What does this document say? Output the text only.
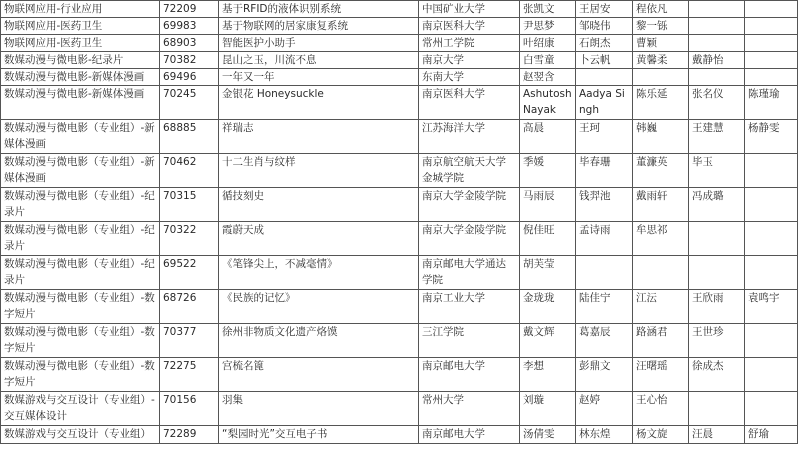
物联网应用-行业应用	72209	基于RFID的液体识别系统	中国矿业大学	张凯文	王居安	程依凡		
物联网应用-医药卫生	69983	基于物联网的居家康复系统	南京医科大学	尹思梦	邹晓伟	黎一铄		
物联网应用-医药卫生	68903	智能医护小助手	常州工学院	叶绍康	石朗杰	曹颖		
数媒动漫与微电影-纪录片	70382	昆山之玉，川流不息	南京大学	白雪童	卜云帆	黄馨柔	戴静怡	
数媒动漫与微电影-新媒体漫画	69496	一年又一年	东南大学	赵翌含				
数媒动漫与微电影-新媒体漫画	70245	金银花 Honeysuckle	南京医科大学	Ashutosh Nayak	Aadya Singh	陈乐延	张名仪	陈瑾瑜
数媒动漫与微电影（专业组）-新媒体漫画	68885	祥瑞志	江苏海洋大学	高晨	王珂	韩巍	王建慧	杨静雯
数媒动漫与微电影（专业组）-新媒体漫画	70462	十二生肖与纹样	南京航空航天大学金城学院	季媛	毕春珊	董濂英	毕玉	
数媒动漫与微电影（专业组）-纪录片	70315	循技刻史	南京大学金陵学院	马雨辰	钱羿池	戴雨轩	冯成璐	
数媒动漫与微电影（专业组）-纪录片	70322	霞蔚天成	南京大学金陵学院	倪佳旺	孟诗雨	牟思祁		
数媒动漫与微电影（专业组）-纪录片	69522	《笔锋尖上，不减毫情》	南京邮电大学通达学院	胡芙莹				
数媒动漫与微电影（专业组）-数字短片	68726	《民族的记忆》	南京工业大学	金珑珑	陆佳宁	江沄	王欣雨	袁鸣宇
数媒动漫与微电影（专业组）-数字短片	70377	徐州非物质文化遗产烙馍	三江学院	戴文辉	葛嘉辰	路涵君	王世珍	
数媒动漫与微电影（专业组）-数字短片	72275	宫梳名篦	南京邮电大学	李想	彭鼎文	汪曙瑶	徐成杰	
数媒游戏与交互设计（专业组）-交互媒体设计	70156	羽集	常州大学	刘璇	赵婷	王心怡		
数媒游戏与交互设计（专业组）	72289	“梨园时光”交互电子书	南京邮电大学	汤倩雯	林东煌	杨文旋	汪晨	舒瑜
